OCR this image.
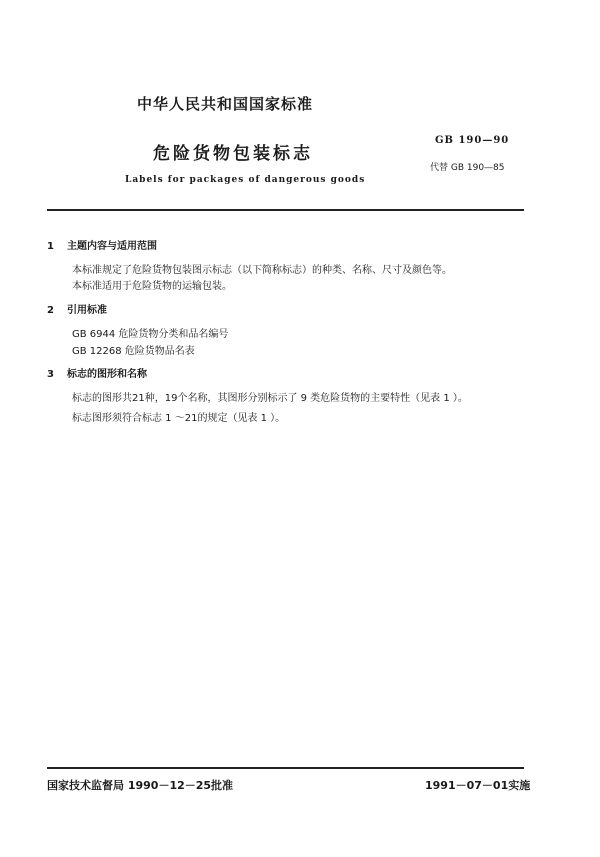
中华人民共和国国家标准
危险货物包装标志
Labels for packages of dangerous goods
GB 190—90
代替 GB 190—85
1 主题内容与适用范围
本标准规定了危险货物包装图示标志（以下简称标志）的种类、名称、尺寸及颜色等。
本标准适用于危险货物的运输包装。
2 引用标准
GB 6944 危险货物分类和品名编号
GB 12268 危险货物品名表
3 标志的图形和名称
标志的图形共21种，19个名称，其图形分别标示了 9 类危险货物的主要特性（见表 1 ）。
标志图形须符合标志 1 ～21的规定（见表 1 ）。
国家技术监督局 1990－12－25批准	1991－07－01实施
